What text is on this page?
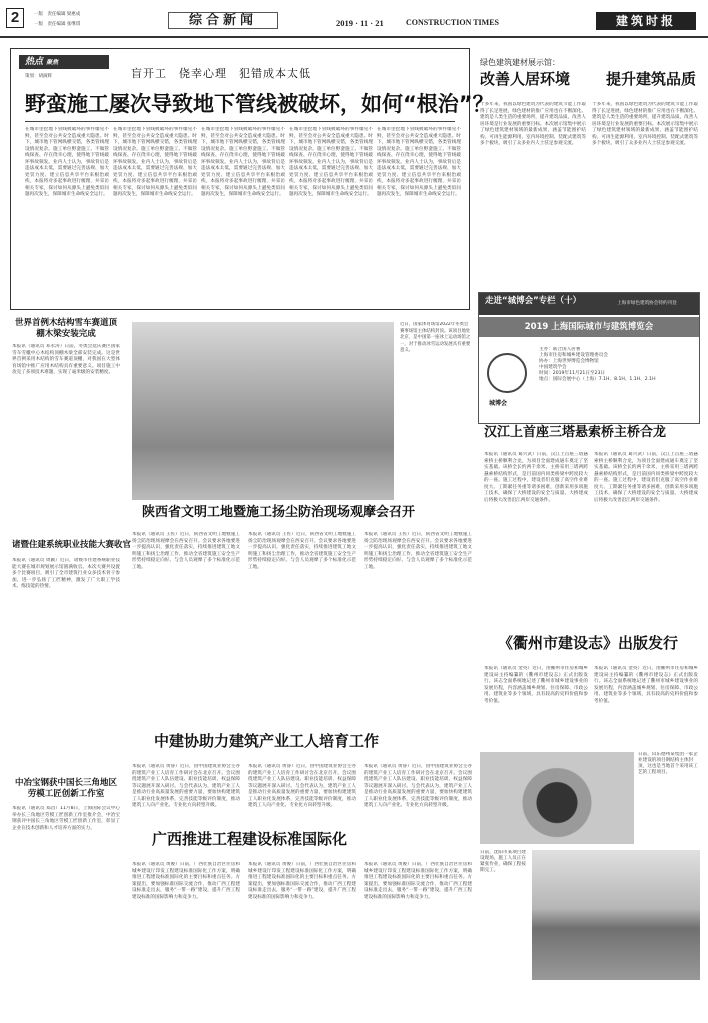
2	一版　责任编辑 梁惠成
一版　责任编辑 张继琪	综合新闻	2019 · 11 · 21	CONSTRUCTION TIMES	建筑时报
热点 聚焦
策划：胡滴辉	盲开工　侥幸心理　犯错成本太低
野蛮施工屡次导致地下管线被破坏，如何“根治”？
在城市里挖地下管线被破坏的事件屡见不鲜，甚至会对公共安全造成重大隐患。时下，城市地下管网纵横交错，各类管线埋设情况复杂。施工单位野蛮施工、不做管线探查、存在侥幸心理，使得地下管线破坏事故频发。业内人士认为，事故背后是违法成本太低，需要通过完善法规、加大处罚力度、建立信息共享平台来根治顽疾。本报将对多起事故进行梳理，并采访相关专家，探讨如何从源头上避免类似问题再次发生，保障城市生命线安全运行。
在城市里挖地下管线被破坏的事件屡见不鲜，甚至会对公共安全造成重大隐患。时下，城市地下管网纵横交错，各类管线埋设情况复杂。施工单位野蛮施工、不做管线探查、存在侥幸心理，使得地下管线破坏事故频发。业内人士认为，事故背后是违法成本太低，需要通过完善法规、加大处罚力度、建立信息共享平台来根治顽疾。本报将对多起事故进行梳理，并采访相关专家，探讨如何从源头上避免类似问题再次发生，保障城市生命线安全运行。
在城市里挖地下管线被破坏的事件屡见不鲜，甚至会对公共安全造成重大隐患。时下，城市地下管网纵横交错，各类管线埋设情况复杂。施工单位野蛮施工、不做管线探查、存在侥幸心理，使得地下管线破坏事故频发。业内人士认为，事故背后是违法成本太低，需要通过完善法规、加大处罚力度、建立信息共享平台来根治顽疾。本报将对多起事故进行梳理，并采访相关专家，探讨如何从源头上避免类似问题再次发生，保障城市生命线安全运行。
在城市里挖地下管线被破坏的事件屡见不鲜，甚至会对公共安全造成重大隐患。时下，城市地下管网纵横交错，各类管线埋设情况复杂。施工单位野蛮施工、不做管线探查、存在侥幸心理，使得地下管线破坏事故频发。业内人士认为，事故背后是违法成本太低，需要通过完善法规、加大处罚力度、建立信息共享平台来根治顽疾。本报将对多起事故进行梳理，并采访相关专家，探讨如何从源头上避免类似问题再次发生，保障城市生命线安全运行。
在城市里挖地下管线被破坏的事件屡见不鲜，甚至会对公共安全造成重大隐患。时下，城市地下管网纵横交错，各类管线埋设情况复杂。施工单位野蛮施工、不做管线探查、存在侥幸心理，使得地下管线破坏事故频发。业内人士认为，事故背后是违法成本太低，需要通过完善法规、加大处罚力度、建立信息共享平台来根治顽疾。本报将对多起事故进行梳理，并采访相关专家，探讨如何从源头上避免类似问题再次发生，保障城市生命线安全运行。
绿色建筑建材展示馆：
改善人居环境 提升建筑品质
十多年来，我国以绿色建筑为代表的建筑节能工作取得了长足进展，绿色建材的推广应用也在不断深化。建筑是人类生活的重要场所，提升建筑品质、改善人居环境是行业发展的重要目标。本次展示馆集中展示了绿色建筑建材领域的最新成果，涵盖节能围护结构、可再生能源利用、室内环境控制、装配式建筑等多个板块，吸引了众多业内人士驻足参观交流。
十多年来，我国以绿色建筑为代表的建筑节能工作取得了长足进展，绿色建材的推广应用也在不断深化。建筑是人类生活的重要场所，提升建筑品质、改善人居环境是行业发展的重要目标。本次展示馆集中展示了绿色建筑建材领域的最新成果，涵盖节能围护结构、可再生能源利用、室内环境控制、装配式建筑等多个板块，吸引了众多业内人士驻足参观交流。
走进“城博会”专栏（十）	上海市绿色建筑协会特约刊登
2019 上海国际城市与建筑博览会
城博会
主办：联合国人居署
上海市住房和城乡建设管理委员会
协办：上海世界博览会博物馆
中国建筑学会
时间：2019年11月21日至23日
地点：国际会展中心（上海）7.1H、8.1H、1.1H、2.1H
世界首例木结构雪车赛道顶棚木梁安装完成
本报讯（通讯员 邓永涛）日前，冬奥会延庆赛区国家雪车雪橇中心木结构顶棚木梁全部安装完成。这是世界首例采用木结构的雪车赛道顶棚，对我国在大型体育场馆中推广应用木结构具有重要意义。项目施工中攻克了多项技术难题，实现了毫米级的安装精度。
近日，国家体育场馆2022年冬奥会赛事场馆主体结构封顶。该项目地处北京，是中国第一座冰上运动场馆之一，对于推动冰雪运动发展具有重要意义。
汉江上首座三塔悬索桥主桥合龙
本报讯（通讯员 葛兴武）日前，汉江上首座三塔悬索桥主桥顺利合龙，为项目全面建成通车奠定了坚实基础。该桥全长约两千余米，主桥采用三塔两跨悬索桥结构形式，是目前国内同类桥梁中跨度较大的一座。施工过程中，建设者们克服了高空作业难度大、工期紧任务重等诸多困难，创新采用多项施工技术，确保了大桥建设的安全与质量。大桥建成后将极大改善沿江两岸交通条件。
本报讯（通讯员 葛兴武）日前，汉江上首座三塔悬索桥主桥顺利合龙，为项目全面建成通车奠定了坚实基础。该桥全长约两千余米，主桥采用三塔两跨悬索桥结构形式，是目前国内同类桥梁中跨度较大的一座。施工过程中，建设者们克服了高空作业难度大、工期紧任务重等诸多困难，创新采用多项施工技术，确保了大桥建设的安全与质量。大桥建成后将极大改善沿江两岸交通条件。
陕西省文明工地暨施工扬尘防治现场观摩会召开
本报讯（通讯员 王佐）近日，陕西省文明工地暨施工扬尘防治现场观摩会在西安召开。会议要求各地要进一步提高认识，强化责任落实，持续推进建筑工地文明施工和扬尘治理工作，推动全省建筑施工安全生产形势持续稳定向好。与会人员观摩了多个标准化示范工地。
本报讯（通讯员 王佐）近日，陕西省文明工地暨施工扬尘防治现场观摩会在西安召开。会议要求各地要进一步提高认识，强化责任落实，持续推进建筑工地文明施工和扬尘治理工作，推动全省建筑施工安全生产形势持续稳定向好。与会人员观摩了多个标准化示范工地。
本报讯（通讯员 王佐）近日，陕西省文明工地暨施工扬尘防治现场观摩会在西安召开。会议要求各地要进一步提高认识，强化责任落实，持续推进建筑工地文明施工和扬尘治理工作，推动全省建筑施工安全生产形势持续稳定向好。与会人员观摩了多个标准化示范工地。
诸暨住建系统职业技能大赛收官
本报讯（通讯员 周颖）近日，诸暨市住建系统职业技能大赛在城市规划展示馆圆满收官。本次大赛共设置多个比赛项目，吸引了全市建筑行业众多技术骨干参加，进一步弘扬了工匠精神，激发了广大职工学技术、练技能的热情。
《衢州市建设志》出版发行
本报讯（通讯员 金英）近日，由衢州市住房和城乡建设局主持编纂的《衢州市建设志》正式出版发行。该志全面系统地记述了衢州市城乡建设事业的发展历程，内容涵盖城乡规划、住房保障、市政公用、建筑业等多个领域，具有较高的史料价值和参考价值。
本报讯（通讯员 金英）近日，由衢州市住房和城乡建设局主持编纂的《衢州市建设志》正式出版发行。该志全面系统地记述了衢州市城乡建设事业的发展历程，内容涵盖城乡规划、住房保障、市政公用、建筑业等多个领域，具有较高的史料价值和参考价值。
中建协助力建筑产业工人培育工作
本报讯（通讯员 黄睿）近日，由中国建筑业协会主办的建筑产业工人培育工作研讨会在北京召开。会议围绕建筑产业工人队伍建设、职业技能培训、权益保障等议题展开深入研讨。与会代表认为，建筑产业工人是推动行业高质量发展的重要力量，要加快构建建筑工人职业化发展体系，完善技能等级评价制度，推动建筑工人向产业化、专业化方向转型升级。
本报讯（通讯员 黄睿）近日，由中国建筑业协会主办的建筑产业工人培育工作研讨会在北京召开。会议围绕建筑产业工人队伍建设、职业技能培训、权益保障等议题展开深入研讨。与会代表认为，建筑产业工人是推动行业高质量发展的重要力量，要加快构建建筑工人职业化发展体系，完善技能等级评价制度，推动建筑工人向产业化、专业化方向转型升级。
本报讯（通讯员 黄睿）近日，由中国建筑业协会主办的建筑产业工人培育工作研讨会在北京召开。会议围绕建筑产业工人队伍建设、职业技能培训、权益保障等议题展开深入研讨。与会代表认为，建筑产业工人是推动行业高质量发展的重要力量，要加快构建建筑工人职业化发展体系，完善技能等级评价制度，推动建筑工人向产业化、专业化方向转型升级。
中冶宝钢获中国长三角地区劳模工匠创新工作室
本报讯（通讯员 郑昌）11月8日，上海国际会议中心举办长三角地区劳模工匠创新工作室推介会，中冶宝钢获评中国长三角地区劳模工匠创新工作室，彰显了企业在技术创新和人才培养方面的实力。
日前，山东德州某集团一家企业建设的项目钢结构主体封顶，这也是当地首个采用该工艺的工程项目。
广西推进工程建设标准国际化
本报讯（通讯员 黄俊）日前，广西壮族自治区住房和城乡建设厅印发工程建设标准国际化工作方案，明确推进工程建设标准国际化的主要目标和重点任务。方案提出，要加强标准国际交流合作，推动广西工程建设标准走出去，服务“一带一路”建设，提升广西工程建设标准的国际影响力和竞争力。
本报讯（通讯员 黄俊）日前，广西壮族自治区住房和城乡建设厅印发工程建设标准国际化工作方案，明确推进工程建设标准国际化的主要目标和重点任务。方案提出，要加强标准国际交流合作，推动广西工程建设标准走出去，服务“一带一路”建设，提升广西工程建设标准的国际影响力和竞争力。
本报讯（通讯员 黄俊）日前，广西壮族自治区住房和城乡建设厅印发工程建设标准国际化工作方案，明确推进工程建设标准国际化的主要目标和重点任务。方案提出，要加强标准国际交流合作，推动广西工程建设标准走出去，服务“一带一路”建设，提升广西工程建设标准的国际影响力和竞争力。
日前，沈阳市某项目建设现场，施工人员正在紧张作业，确保工程按期完工。
